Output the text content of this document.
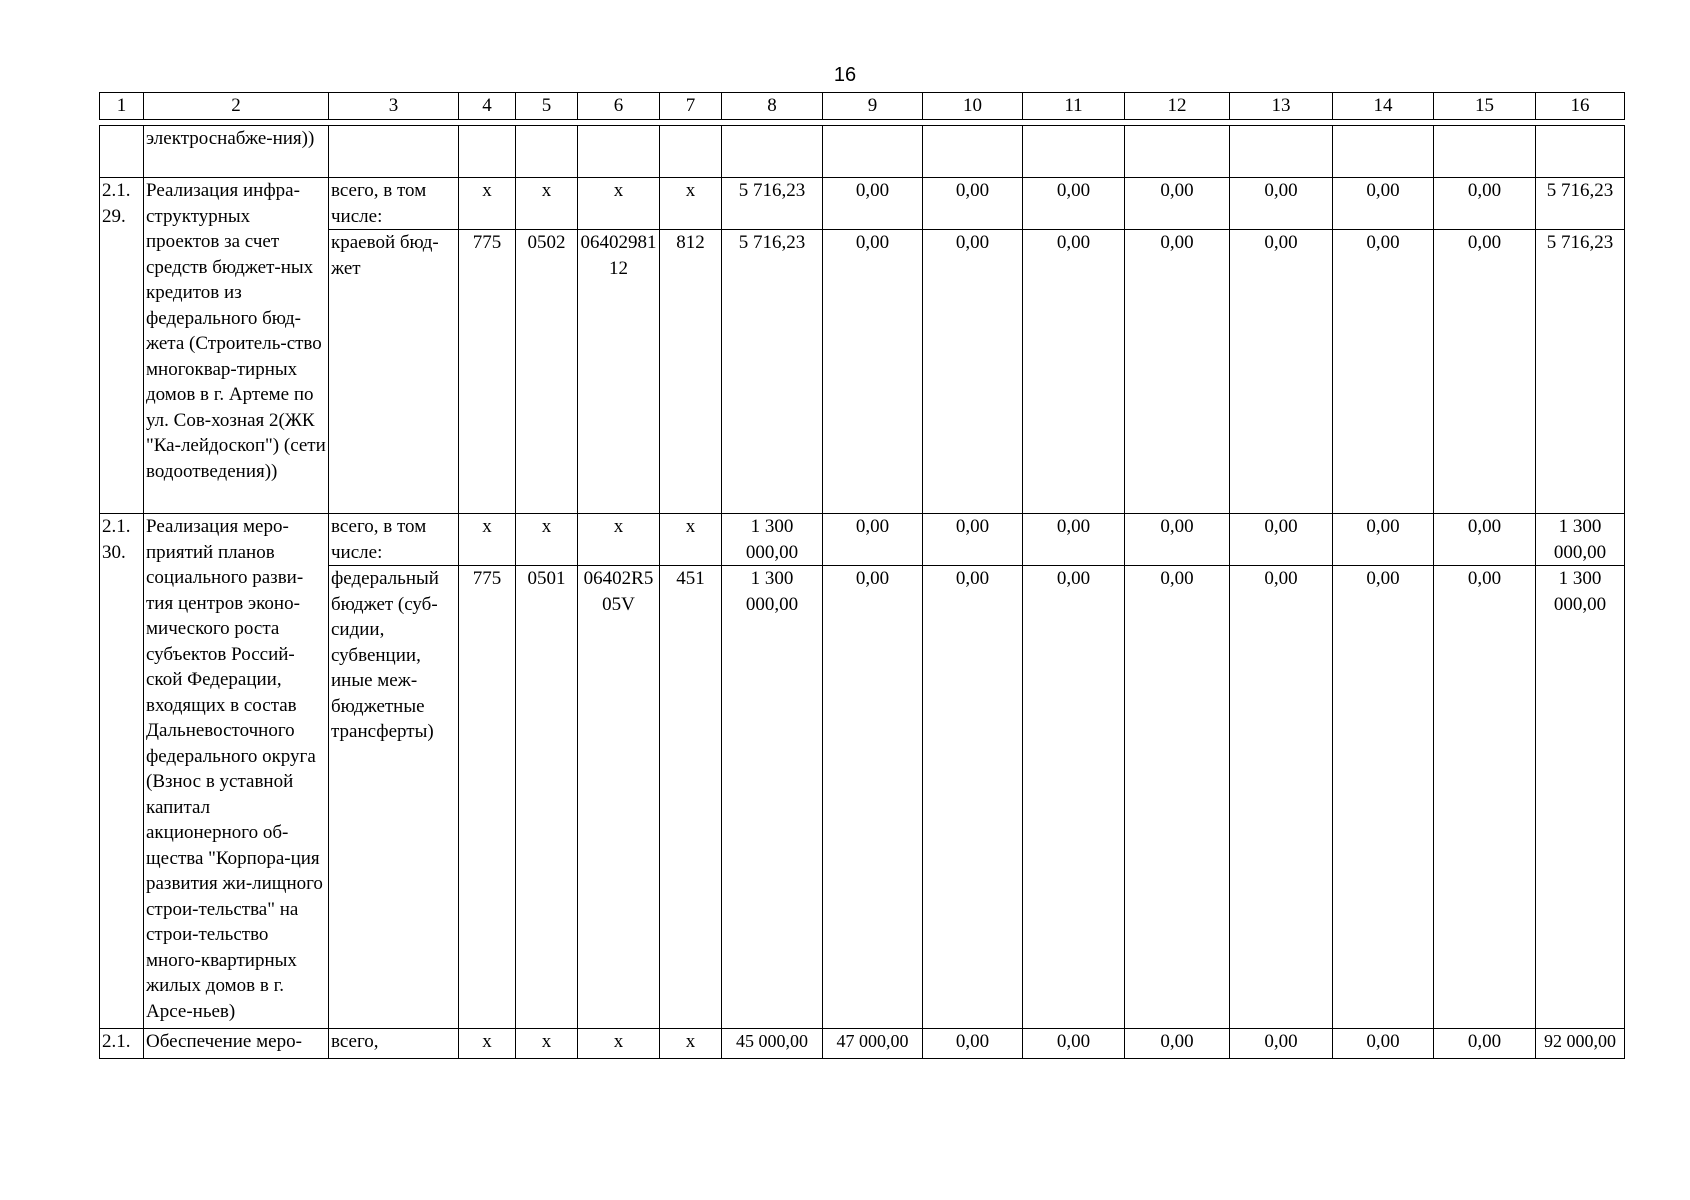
16
1	2	3	4	5	6	7	8	9	10	11	12	13	14	15	16

	электроснабже-ния))														
2.1. 29.	Реализация инфра-структурных проектов за счет средств бюджет-ных кредитов из федерального бюд-жета (Строитель-ство многоквар-тирных домов в г. Артеме по ул. Сов-хозная 2(ЖК "Ка-лейдоскоп") (сети водоотведения))	всего, в том числе:	x	x	x	x	5 716,23	0,00	0,00	0,00	0,00	0,00	0,00	0,00	5 716,23
		краевой бюд-жет	775	0502	0640298112	812	5 716,23	0,00	0,00	0,00	0,00	0,00	0,00	0,00	5 716,23
2.1. 30.	Реализация меро-приятий планов социального разви-тия центров эконо-мического роста субъектов Россий-ской Федерации, входящих в состав Дальневосточного федерального округа (Взнос в уставной капитал акционерного об-щества "Корпора-ция развития жи-лищного строи-тельства" на строи-тельство много-квартирных жилых домов в г. Арсе-ньев)	всего, в том числе:	x	x	x	x	1 300 000,00	0,00	0,00	0,00	0,00	0,00	0,00	0,00	1 300 000,00
		федеральный бюджет (суб-сидии, субвенции, иные меж-бюджетные трансферты)	775	0501	06402R505V	451	1 300 000,00	0,00	0,00	0,00	0,00	0,00	0,00	0,00	1 300 000,00
2.1.	Обеспечение меро-	всего,	x	x	x	x	45 000,00	47 000,00	0,00	0,00	0,00	0,00	0,00	0,00	92 000,00
